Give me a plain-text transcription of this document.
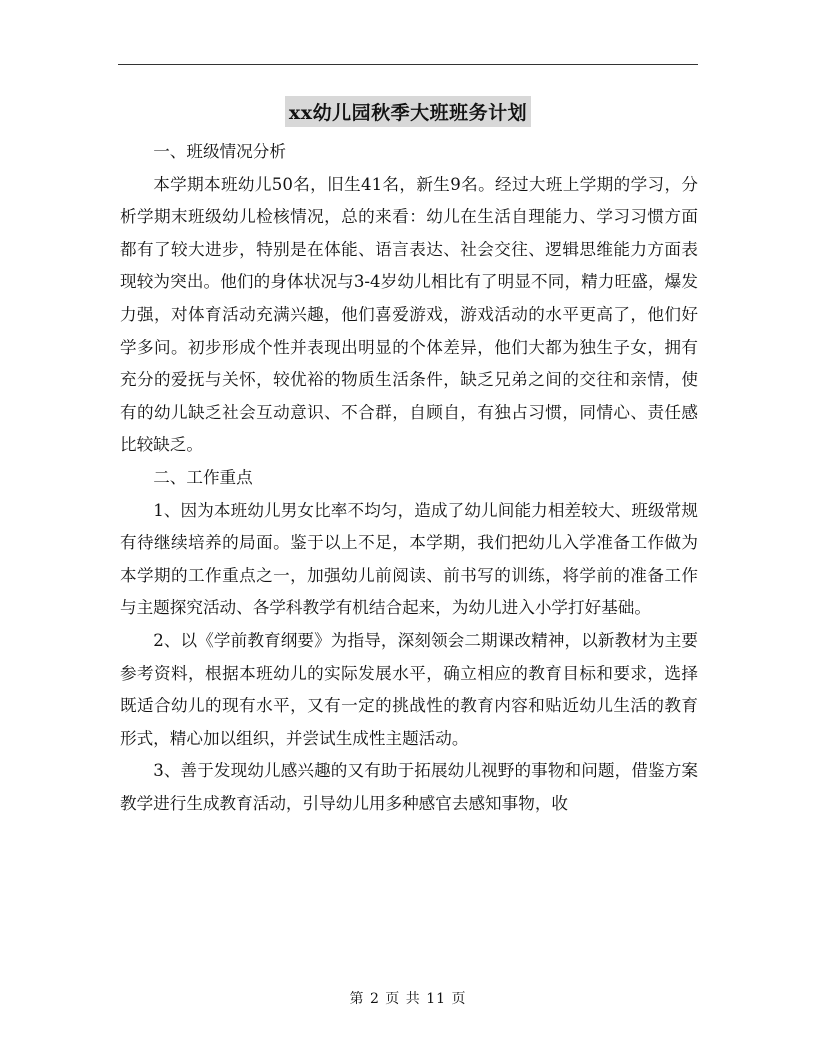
xx幼儿园秋季大班班务计划

一、班级情况分析

本学期本班幼儿50名，旧生41名，新生9名。经过大班上学期的学习，分析学期末班级幼儿检核情况，总的来看：幼儿在生活自理能力、学习习惯方面都有了较大进步，特别是在体能、语言表达、社会交往、逻辑思维能力方面表现较为突出。他们的身体状况与3-4岁幼儿相比有了明显不同，精力旺盛，爆发力强，对体育活动充满兴趣，他们喜爱游戏，游戏活动的水平更高了，他们好学多问。初步形成个性并表现出明显的个体差异，他们大都为独生子女，拥有充分的爱抚与关怀，较优裕的物质生活条件，缺乏兄弟之间的交往和亲情，使有的幼儿缺乏社会互动意识、不合群，自顾自，有独占习惯，同情心、责任感比较缺乏。

二、工作重点

1、因为本班幼儿男女比率不均匀，造成了幼儿间能力相差较大、班级常规有待继续培养的局面。鉴于以上不足，本学期，我们把幼儿入学准备工作做为本学期的工作重点之一，加强幼儿前阅读、前书写的训练，将学前的准备工作与主题探究活动、各学科教学有机结合起来，为幼儿进入小学打好基础。

2、以《学前教育纲要》为指导，深刻领会二期课改精神，以新教材为主要参考资料，根据本班幼儿的实际发展水平，确立相应的教育目标和要求，选择既适合幼儿的现有水平，又有一定的挑战性的教育内容和贴近幼儿生活的教育形式，精心加以组织，并尝试生成性主题活动。

3、善于发现幼儿感兴趣的又有助于拓展幼儿视野的事物和问题，借鉴方案教学进行生成教育活动，引导幼儿用多种感官去感知事物，收

第 2 页 共 11 页
